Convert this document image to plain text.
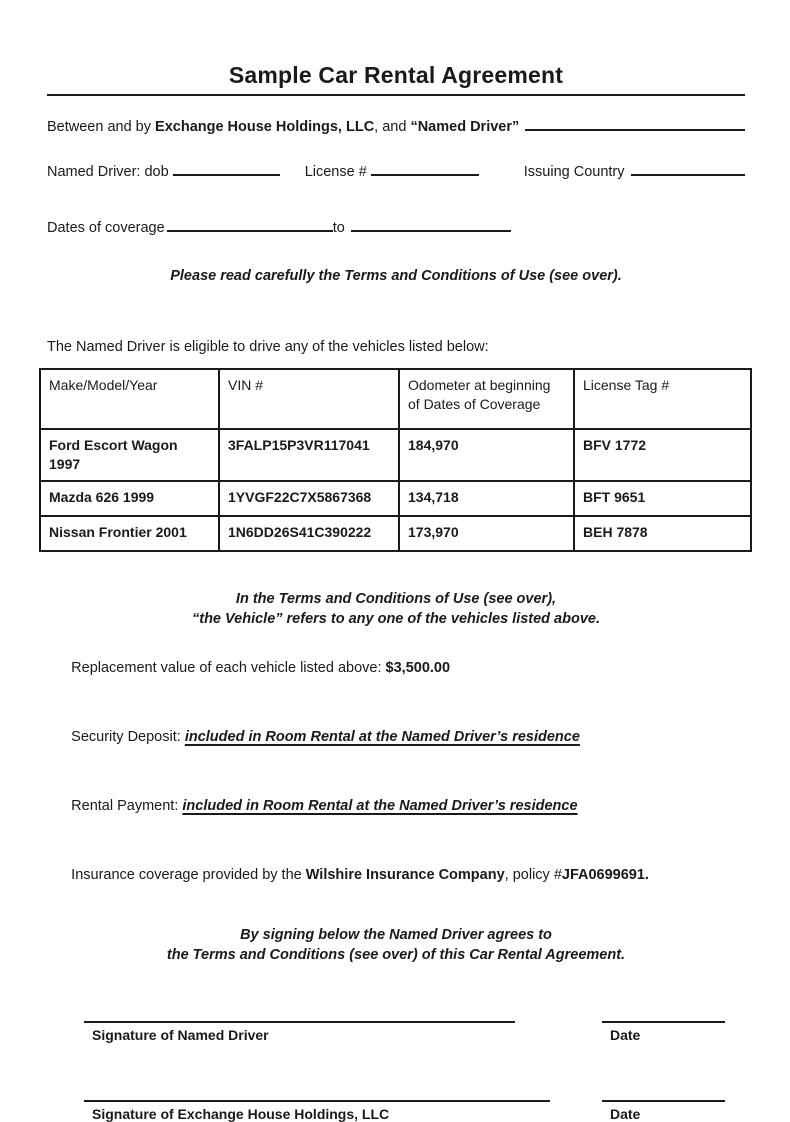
Sample Car Rental Agreement
Between and by Exchange House Holdings, LLC , and “Named Driver”
Named Driver: dob	License #	Issuing Country
Dates of coverage	to
Please read carefully the Terms and Conditions of Use (see over).
The Named Driver is eligible to drive any of the vehicles listed below:
Make/Model/Year	VIN #	Odometer at beginning of Dates of Coverage	License Tag #
Ford Escort Wagon 1997	3FALP15P3VR117041	184,970	BFV 1772
Mazda 626 1999	1YVGF22C7X5867368	134,718	BFT 9651
Nissan Frontier 2001	1N6DD26S41C390222	173,970	BEH 7878
In the Terms and Conditions of Use (see over),
“the Vehicle” refers to any one of the vehicles listed above.

Replacement value of each vehicle listed above: $3,500.00

Security Deposit: included in Room Rental at the Named Driver’s residence

Rental Payment: included in Room Rental at the Named Driver’s residence

Insurance coverage provided by the Wilshire Insurance Company, policy #JFA0699691.

By signing below the Named Driver agrees to
the Terms and Conditions (see over) of this Car Rental Agreement.
Signature of Named Driver	Date
Signature of Exchange House Holdings, LLC	Date
